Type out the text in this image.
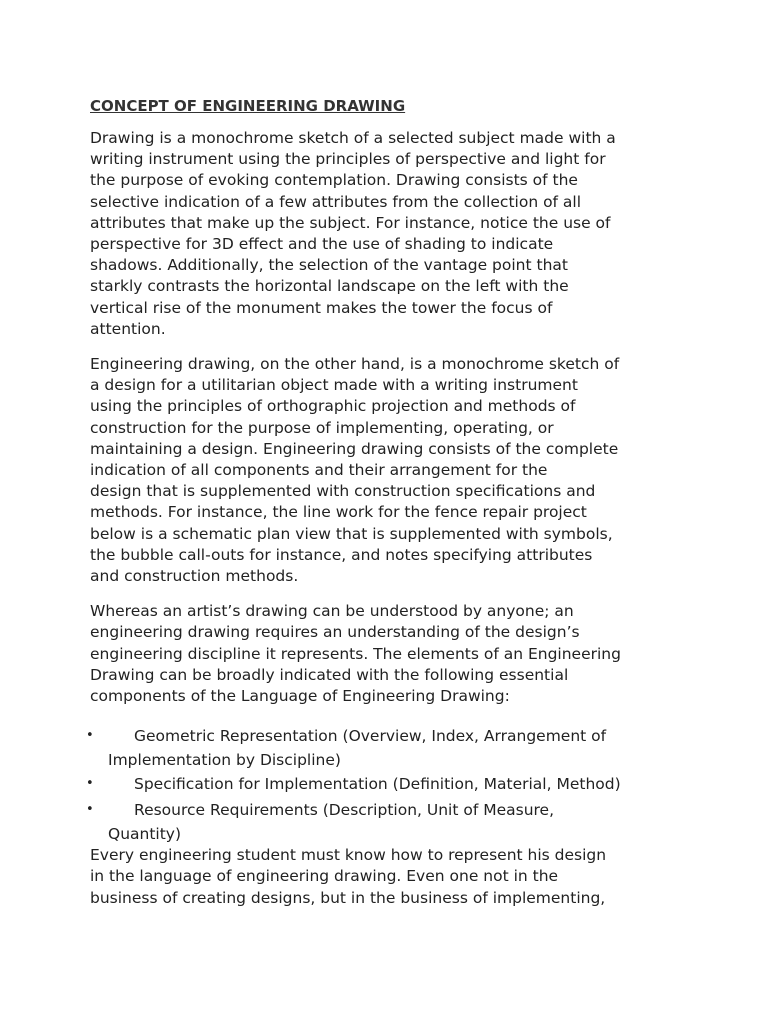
CONCEPT OF ENGINEERING DRAWING
Drawing is a monochrome sketch of a selected subject made with a
writing instrument using the principles of perspective and light for
the purpose of evoking contemplation. Drawing consists of the
selective indication of a few attributes from the collection of all
attributes that make up the subject. For instance, notice the use of
perspective for 3D effect and the use of shading to indicate
shadows. Additionally, the selection of the vantage point that
starkly contrasts the horizontal landscape on the left with the
vertical rise of the monument makes the tower the focus of
attention.
Engineering drawing, on the other hand, is a monochrome sketch of
a design for a utilitarian object made with a writing instrument
using the principles of orthographic projection and methods of
construction for the purpose of implementing, operating, or
maintaining a design. Engineering drawing consists of the complete
indication of all components and their arrangement for the
design that is supplemented with construction specifications and
methods. For instance, the line work for the fence repair project
below is a schematic plan view that is supplemented with symbols,
the bubble call-outs for instance, and notes specifying attributes
and construction methods.
Whereas an artist’s drawing can be understood by anyone; an
engineering drawing requires an understanding of the design’s
engineering discipline it represents. The elements of an Engineering
Drawing can be broadly indicated with the following essential
components of the Language of Engineering Drawing:
•	Geometric Representation (Overview, Index, Arrangement of
Implementation by Discipline)
•	Specification for Implementation (Definition, Material, Method)
•	Resource Requirements (Description, Unit of Measure,
Quantity)
Every engineering student must know how to represent his design
in the language of engineering drawing. Even one not in the
business of creating designs, but in the business of implementing,
